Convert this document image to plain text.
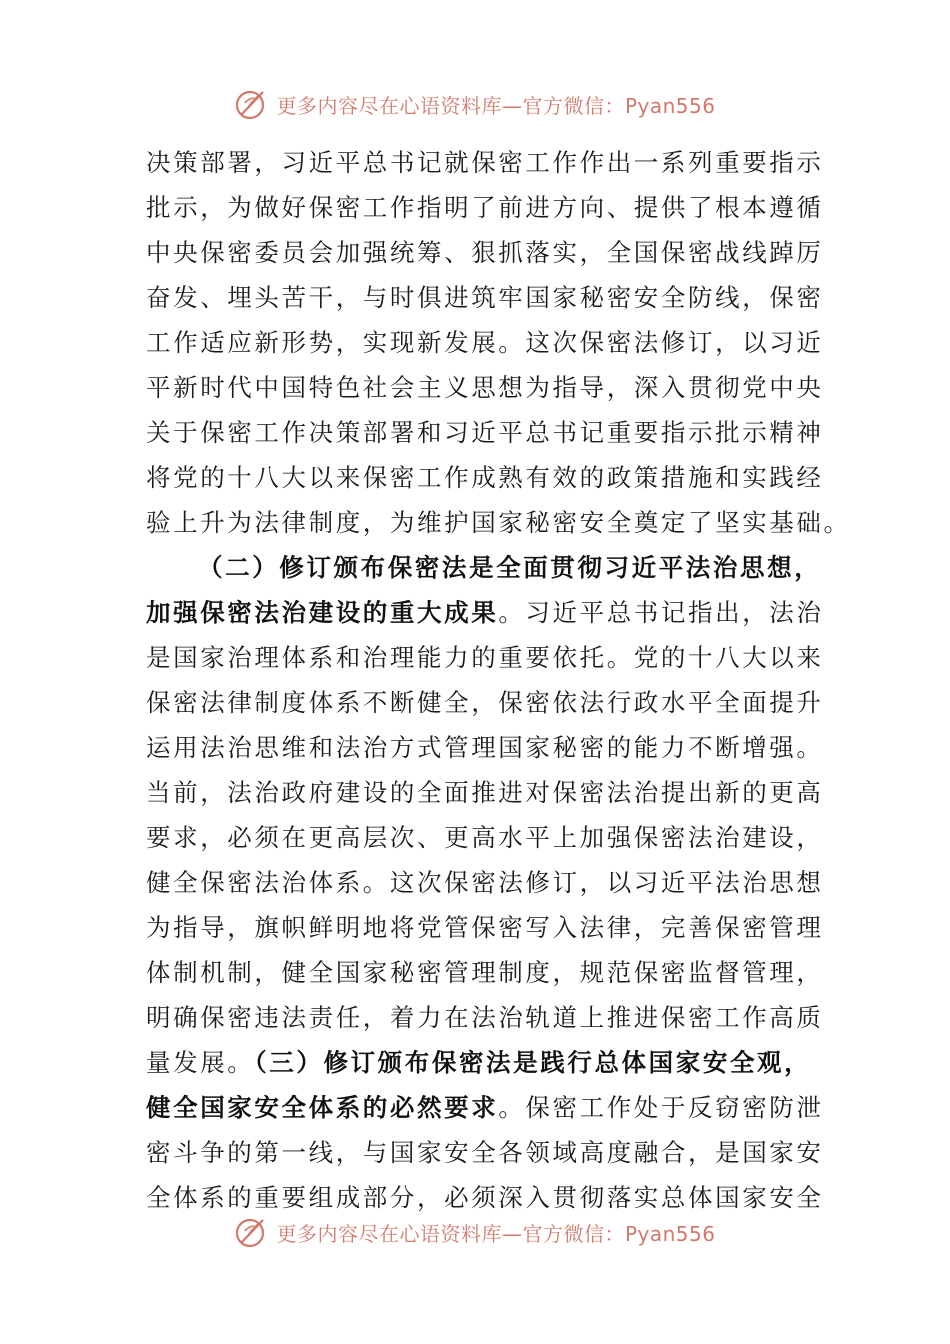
更多内容尽在心语资料库—官方微信：Pyan556
决策部署，习近平总书记就保密工作作出一系列重要指示
批示，为做好保密工作指明了前进方向、提供了根本遵循
中央保密委员会加强统筹、狠抓落实，全国保密战线踔厉
奋发、埋头苦干，与时俱进筑牢国家秘密安全防线，保密
工作适应新形势，实现新发展。这次保密法修订，以习近
平新时代中国特色社会主义思想为指导，深入贯彻党中央
关于保密工作决策部署和习近平总书记重要指示批示精神
将党的十八大以来保密工作成熟有效的政策措施和实践经
验上升为法律制度，为维护国家秘密安全奠定了坚实基础。
（二）修订颁布保密法是全面贯彻习近平法治思想，
加强保密法治建设的重大成果。习近平总书记指出，法治
是国家治理体系和治理能力的重要依托。党的十八大以来
保密法律制度体系不断健全，保密依法行政水平全面提升
运用法治思维和法治方式管理国家秘密的能力不断增强。
当前，法治政府建设的全面推进对保密法治提出新的更高
要求，必须在更高层次、更高水平上加强保密法治建设，
健全保密法治体系。这次保密法修订，以习近平法治思想
为指导，旗帜鲜明地将党管保密写入法律，完善保密管理
体制机制，健全国家秘密管理制度，规范保密监督管理，
明确保密违法责任，着力在法治轨道上推进保密工作高质
量发展。（三）修订颁布保密法是践行总体国家安全观，
健全国家安全体系的必然要求。保密工作处于反窃密防泄
密斗争的第一线，与国家安全各领域高度融合，是国家安
全体系的重要组成部分，必须深入贯彻落实总体国家安全
更多内容尽在心语资料库—官方微信：Pyan556
